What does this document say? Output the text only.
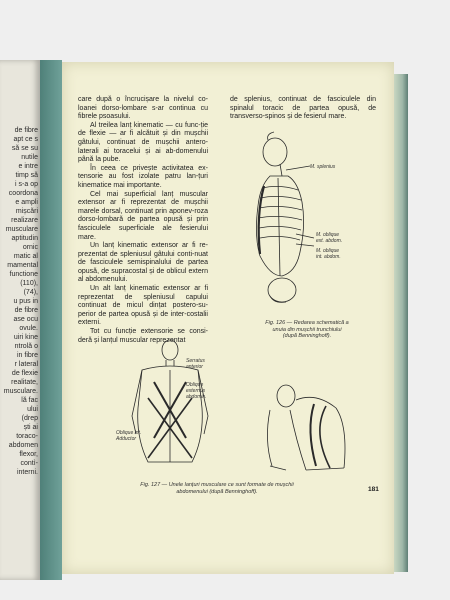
de fibre
apt ce s
să se su
nutile
e intre
timp să
i s-a op
coordona
e ampli
mișcări
realizare
musculare
aptitudin
ornic
matic al
mamental
functione
(110),
(74),
u pus in
de fibre
ase ocu
ovule.
uiri kine
ntrolă o
in fibre
r lateral
de flexie
realitate,
musculare.
lă fac
ului
(drep
ști ai
toraco-
abdomen
flexor,
contì-
interni.

care după o încrucișare la nivelul co-loanei dorso-lombare s-ar continua cu fibrele psoasului.

Al treilea lanț kinematic — cu func-ție de flexie — ar fi alcătuit și din mușchii gâtului, continuat de mușchii antero-laterali ai toracelui și ai ab-domenului până la pube.

În ceea ce privește activitatea ex-tensorie au fost izolate patru lan-țuri kinematice mai importante.

Cel mai superficial lanț muscular extensor ar fi reprezentat de mușchii marele dorsal, continuat prin aponev-roza dorso-lombară de partea opusă și prin fasciculele superficiale ale fesierului mare.

Un lanț kinematic extensor ar fi re-prezentat de spleniusul gâtului conti-nuat de fasciculele semispinalului de partea opusă, de supracostal și de oblicul extern al abdomenului.

Un alt lanț kinematic extensor ar fi reprezentat de spleniusul capului continuat de micul dințat postero-su-perior de partea opusă și de inter-costalii externi.

Tot cu funcție extensorie se consi-deră și lanțul muscular reprezentat

de splenius, continuat de fasciculele din spinalul toracic de partea opusă, de transverso-spinos și de fesierul mare.

M. splenius
M. oblique
ext. abdom.
M. oblique
int. abdom.
Fig. 126 — Redarea schematică a
unuia din mușchii trunchiului
(după Benninghoff).
Serratus
anterior
Oblique
externus
abdomin.
Oblique int.
Adductor
Fig. 127 — Unele lanțuri musculare ce sunt formate de mușchii
abdomenului (după Benninghoff).	181
